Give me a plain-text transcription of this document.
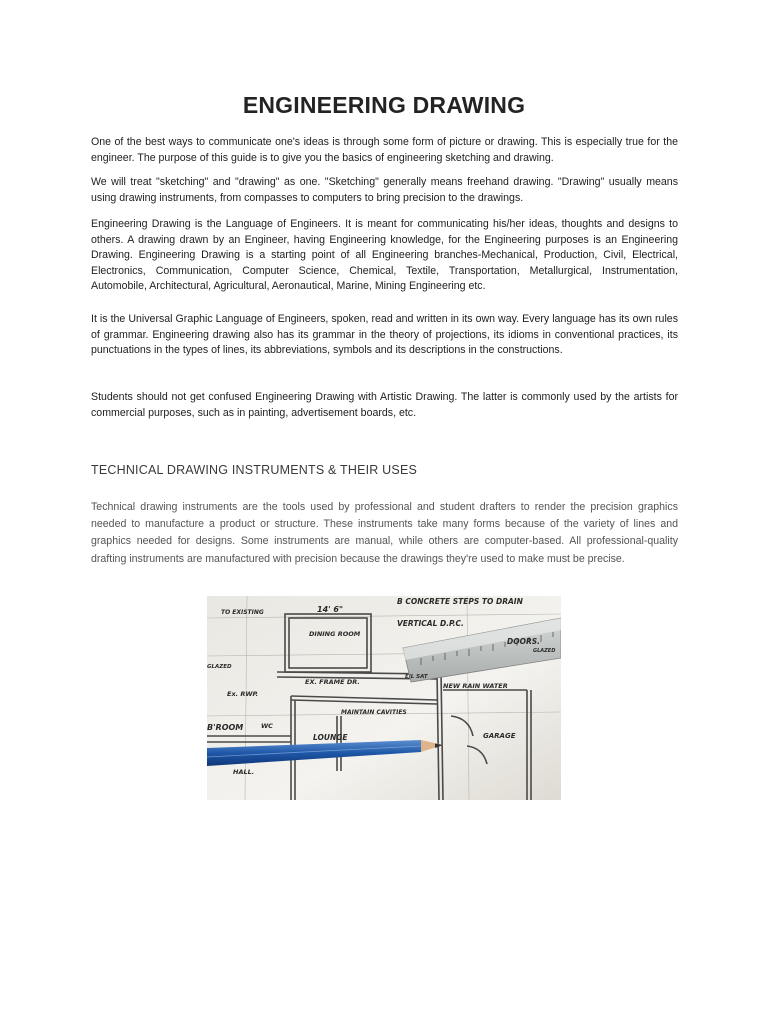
ENGINEERING DRAWING

One of the best ways to communicate one's ideas is through some form of picture or drawing. This is especially true for the engineer. The purpose of this guide is to give you the basics of engineering sketching and drawing.

We will treat "sketching" and "drawing" as one. "Sketching" generally means freehand drawing. "Drawing" usually means using drawing instruments, from compasses to computers to bring precision to the drawings.

Engineering Drawing is the Language of Engineers. It is meant for communicating his/her ideas, thoughts and designs to others. A drawing drawn by an Engineer, having Engineering knowledge, for the Engineering purposes is an Engineering Drawing. Engineering Drawing is a starting point of all Engineering branches-Mechanical, Production, Civil, Electrical, Electronics, Communication, Computer Science, Chemical, Textile, Transportation, Metallurgical, Instrumentation, Automobile, Architectural, Agricultural, Aeronautical, Marine, Mining Engineering etc.

It is the Universal Graphic Language of Engineers, spoken, read and written in its own way. Every language has its own rules of grammar. Engineering drawing also has its grammar in the theory of projections, its idioms in conventional practices, its punctuations in the types of lines, its abbreviations, symbols and its descriptions in the constructions.

Students should not get confused Engineering Drawing with Artistic Drawing. The latter is commonly used by the artists for commercial purposes, such as in painting, advertisement boards, etc.

TECHNICAL DRAWING INSTRUMENTS & THEIR USES

Technical drawing instruments are the tools used by professional and student drafters to render the precision graphics needed to manufacture a product or structure. These instruments take many forms because of the variety of lines and graphics needed for designs. Some instruments are manual, while others are computer-based. All professional-quality drafting instruments are manufactured with precision because the drawings they're used to make must be precise.

B CONCRETE STEPS TO DRAIN
14' 6"
VERTICAL D.P.C.
DOORS.
DINING ROOM
EX. FRAME DR.	NEW RAIN WATER
Ex. RWP.
MAINTAIN CAVITIES
B'ROOM	WC
LOUNGE	GARAGE
HALL.
TO EXISTING
GLAZED
E/L SAT
GLAZED
